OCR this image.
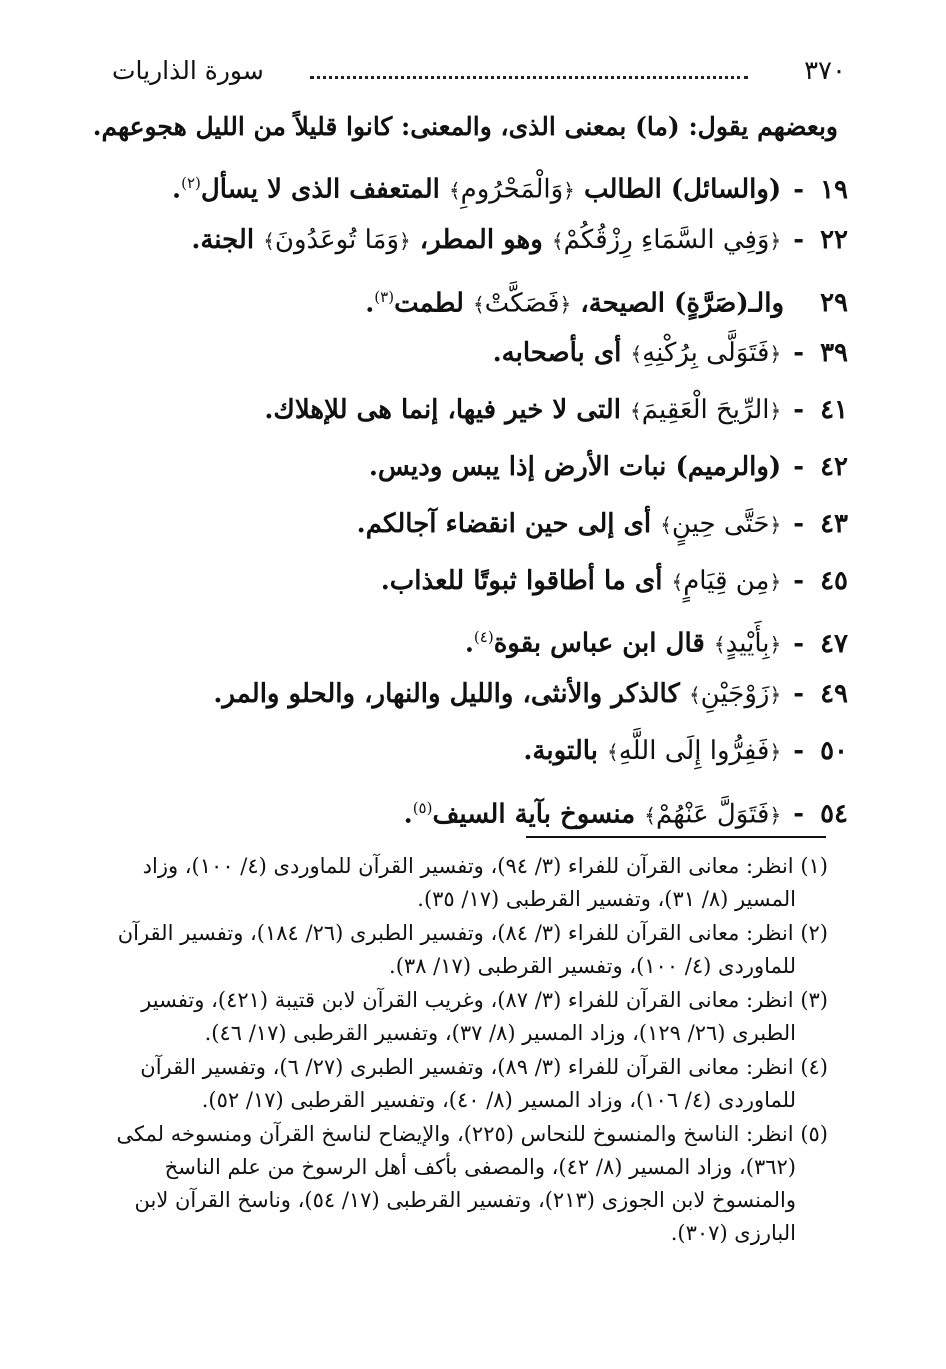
٣٧٠
سورة الذاريات
وبعضهم يقول: (ما) بمعنى الذى، والمعنى: كانوا قليلاً من الليل هجوعهم.
١٩-(والسائل) الطالب ﴿وَالْمَحْرُومِ﴾ المتعفف الذى لا يسأل$^{(٢)}$.
٢٢-﴿وَفِي السَّمَاءِ رِزْقُكُمْ﴾ وهو المطر، ﴿وَمَا تُوعَدُونَ﴾ الجنة.
٢٩والـ(صَرَّةٍ) الصيحة، ﴿فَصَكَّتْ﴾ لطمت$^{(٣)}$.
٣٩-﴿فَتَوَلَّى بِرُكْنِهِ﴾ أى بأصحابه.
٤١-﴿الرِّيحَ الْعَقِيمَ﴾ التى لا خير فيها، إنما هى للإهلاك.
٤٢-(والرميم) نبات الأرض إذا يبس وديس.
٤٣-﴿حَتَّى حِينٍ﴾ أى إلى حين انقضاء آجالكم.
٤٥-﴿مِن قِيَامٍ﴾ أى ما أطاقوا ثبوتًا للعذاب.
٤٧-﴿بِأَيْيدٍ﴾ قال ابن عباس بقوة$^{(٤)}$.
٤٩-﴿زَوْجَيْنِ﴾ كالذكر والأنثى، والليل والنهار، والحلو والمر.
٥٠-﴿فَفِرُّوا إِلَى اللَّهِ﴾ بالتوبة.
٥٤-﴿فَتَوَلَّ عَنْهُمْ﴾ منسوخ بآية السيف$^{(٥)}$.
(١) انظر: معانى القرآن للفراء (٣/ ٩٤)، وتفسير القرآن للماوردى (٤/ ١٠٠)، وزاد
المسير (٨/ ٣١)، وتفسير القرطبى (١٧/ ٣٥).
(٢) انظر: معانى القرآن للفراء (٣/ ٨٤)، وتفسير الطبرى (٢٦/ ١٨٤)، وتفسير القرآن
للماوردى (٤/ ١٠٠)، وتفسير القرطبى (١٧/ ٣٨).
(٣) انظر: معانى القرآن للفراء (٣/ ٨٧)، وغريب القرآن لابن قتيبة (٤٢١)، وتفسير
الطبرى (٢٦/ ١٢٩)، وزاد المسير (٨/ ٣٧)، وتفسير القرطبى (١٧/ ٤٦).
(٤) انظر: معانى القرآن للفراء (٣/ ٨٩)، وتفسير الطبرى (٢٧/ ٦)، وتفسير القرآن
للماوردى (٤/ ١٠٦)، وزاد المسير (٨/ ٤٠)، وتفسير القرطبى (١٧/ ٥٢).
(٥) انظر: الناسخ والمنسوخ للنحاس (٢٢٥)، والإيضاح لناسخ القرآن ومنسوخه لمكى
(٣٦٢)، وزاد المسير (٨/ ٤٢)، والمصفى بأكف أهل الرسوخ من علم الناسخ
والمنسوخ لابن الجوزى (٢١٣)، وتفسير القرطبى (١٧/ ٥٤)، وناسخ القرآن لابن
البارزى (٣٠٧).
